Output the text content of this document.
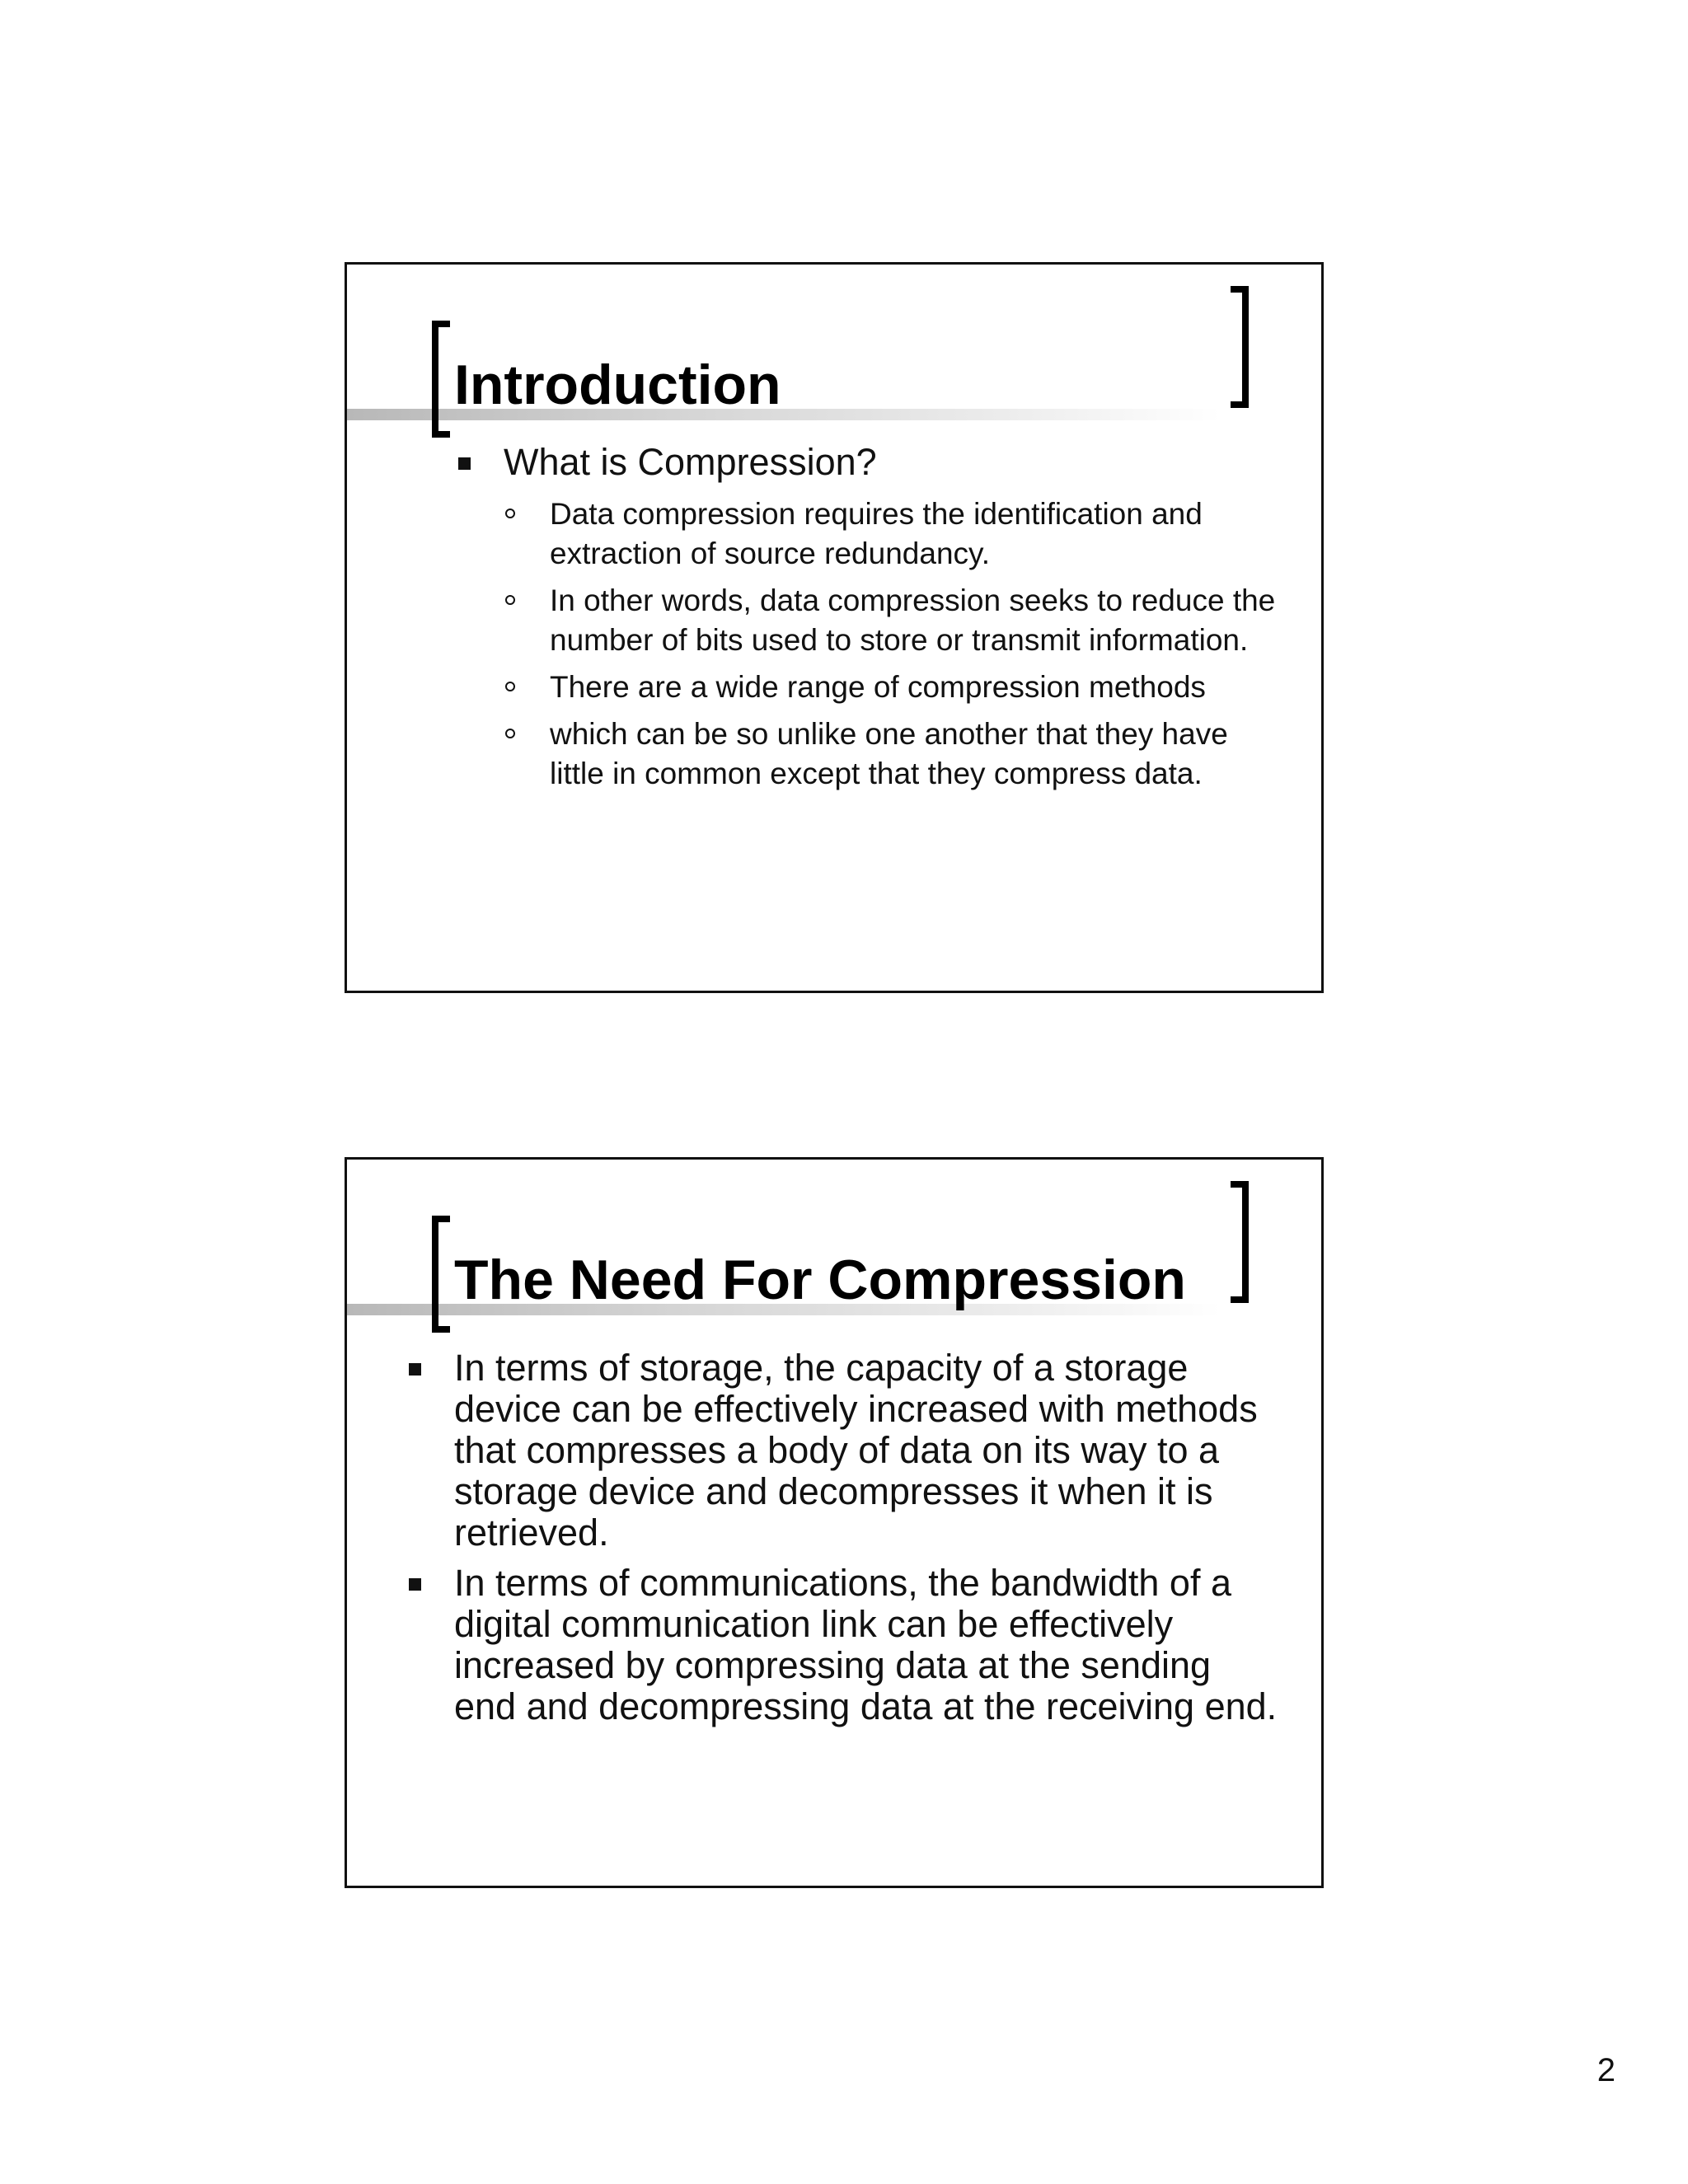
Introduction
What is Compression?
Data compression requires the identification and extraction of source redundancy.
In other words, data compression seeks to reduce the number of bits used to store or transmit information.
There are a wide range of compression methods
which can be so unlike one another that they have little in common except that they compress data.
The Need For Compression
In terms of storage, the capacity of a storage device can be effectively increased with methods that compresses a body of data on its way to a storage device and decompresses it when it is retrieved.
In terms of communications, the bandwidth of a digital communication link can be effectively increased by compressing data at the sending end and decompressing data at the receiving end.
2
